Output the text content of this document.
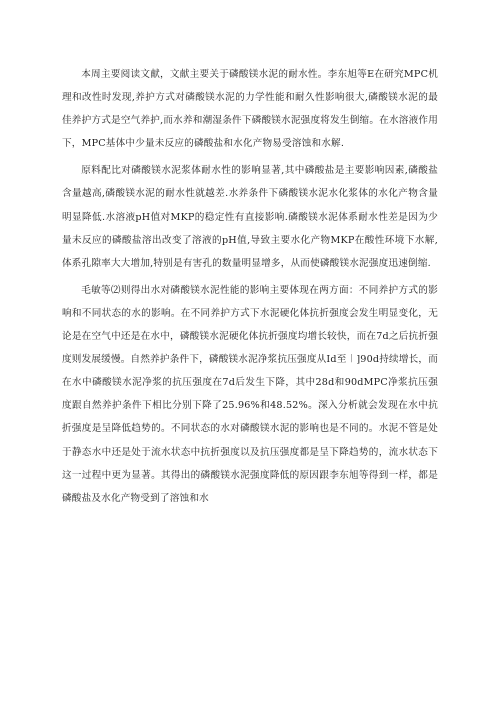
本周主要阅读文献，文献主要关于磷酸镁水泥的耐水性。李东旭等E在研究MPC机理和改性时发现,养护方式对磷酸镁水泥的力学性能和耐久性影响很大,磷酸镁水泥的最佳养护方式是空气养护,而水养和潮湿条件下磷酸镁水泥强度将发生倒缩。在水溶液作用下，MPC基体中少量未反应的磷酸盐和水化产物易受溶蚀和水解.

原料配比对磷酸镁水泥浆体耐水性的影响显著,其中磷酸盐是主要影响因素,磷酸盐含量越高,磷酸镁水泥的耐水性就越差.水养条件下磷酸镁水泥水化浆体的水化产物含量明显降低.水溶液pH值对MKP的稳定性有直接影响.磷酸镁水泥体系耐水性差是因为少量未反应的磷酸盐溶出改变了溶液的pH值,导致主要水化产物MKP在酸性环境下水解,体系孔隙率大大增加,特别是有害孔的数量明显增多，从而使磷酸镁水泥强度迅速倒缩.

毛敏等⑵则得出水对磷酸镁水泥性能的影响主要体现在两方面：不同养护方式的影响和不同状态的水的影响。在不同养护方式下水泥硬化体抗折强度会发生明显变化，无论是在空气中还是在水中，磷酸镁水泥硬化体抗折强度均增长较快，而在7d之后抗折强度则发展缓慢。自然养护条件下，磷酸镁水泥净浆抗压强度从Id至︱]90d持续增长，而在水中磷酸镁水泥净浆的抗压强度在7d后发生下降，其中28d和90dMPC净浆抗压强度跟自然养护条件下相比分别下降了25.96%和48.52%。深入分析就会发现在水中抗折强度是呈降低趋势的。不同状态的水对磷酸镁水泥的影响也是不同的。水泥不管是处于静态水中还是处于流水状态中抗折强度以及抗压强度都是呈下降趋势的，流水状态下这一过程中更为显著。其得出的磷酸镁水泥强度降低的原因跟李东旭等得到一样，都是磷酸盐及水化产物受到了溶蚀和水
